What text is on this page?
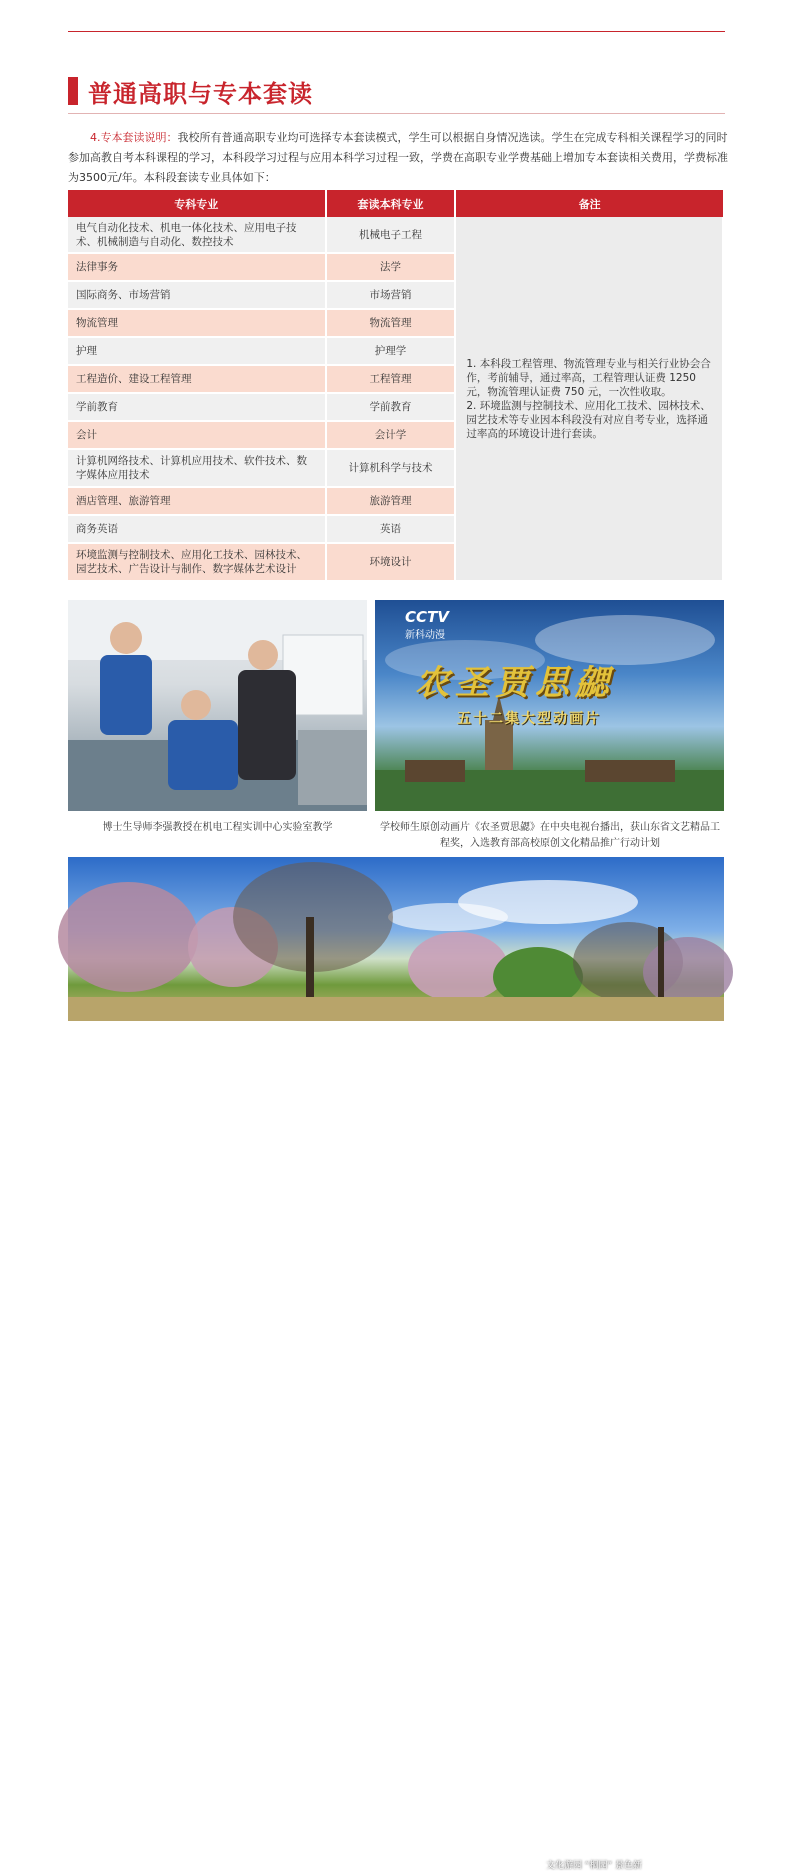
普通高职与专本套读
4.专本套读说明：我校所有普通高职专业均可选择专本套读模式，学生可以根据自身情况选读。学生在完成专科相关课程学习的同时参加高教自考本科课程的学习，本科段学习过程与应用本科学习过程一致，学费在高职专业学费基础上增加专本套读相关费用，学费标准为3500元/年。本科段套读专业具体如下：
专科专业	套读本科专业	备注
电气自动化技术、机电一体化技术、应用电子技术、机械制造与自动化、数控技术	机械电子工程	1. 本科段工程管理、物流管理专业与相关行业协会合作，考前辅导，通过率高，工程管理认证费 1250 元，物流管理认证费 750 元，一次性收取。
2. 环境监测与控制技术、应用化工技术、园林技术、园艺技术等专业因本科段没有对应自考专业，选择通过率高的环境设计进行套读。

法律事务	法学	
国际商务、市场营销	市场营销	
物流管理	物流管理	
护理	护理学	
工程造价、建设工程管理	工程管理	
学前教育	学前教育	
会计	会计学	
计算机网络技术、计算机应用技术、软件技术、数字媒体应用技术	计算机科学与技术	
酒店管理、旅游管理	旅游管理	
商务英语	英语	
环境监测与控制技术、应用化工技术、园林技术、园艺技术、广告设计与制作、数字媒体艺术设计	环境设计	
CCTV
新科动漫
农圣贾思勰
五十二集大型动画片
博士生导师李强教授在机电工程实训中心实验室教学	学校师生原创动画片《农圣贾思勰》在中央电视台播出，获山东省文艺精品工程奖，入选教育部高校原创文化精品推广行动计划
文化游园 “桐园” 景色新
